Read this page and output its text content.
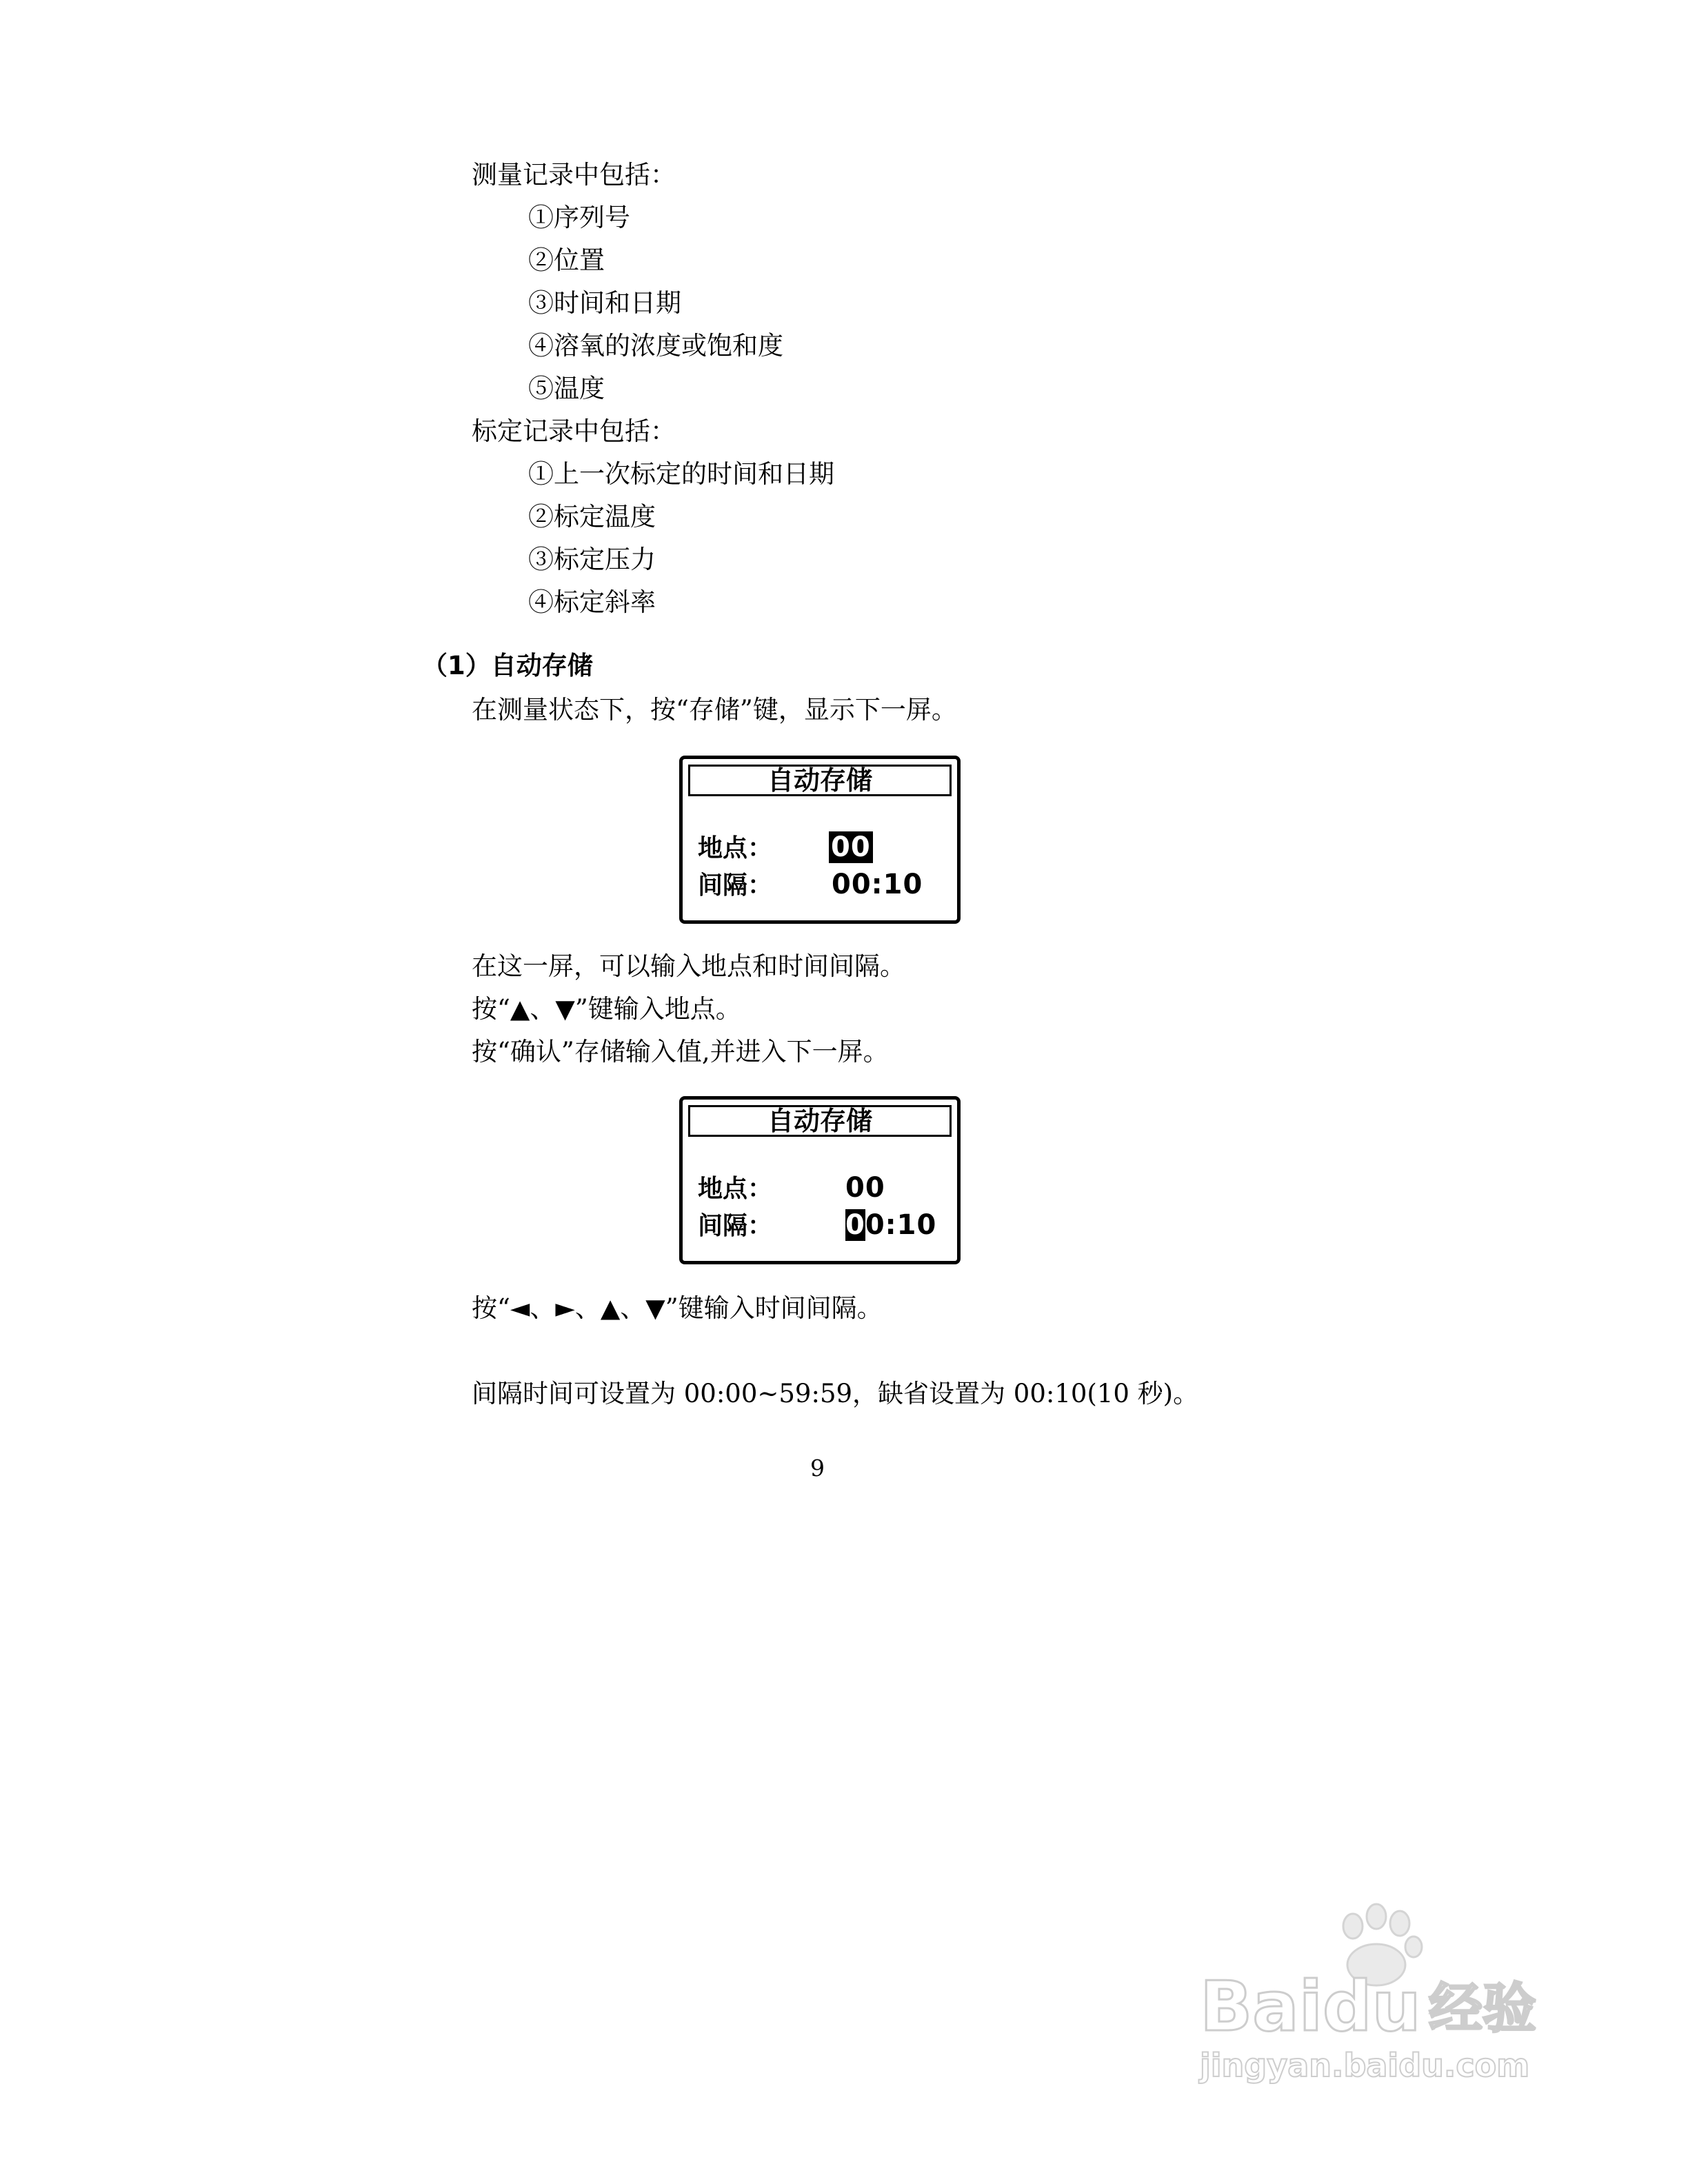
测量记录中包括：
①序列号
②位置
③时间和日期
④溶氧的浓度或饱和度
⑤温度
标定记录中包括：
①上一次标定的时间和日期
②标定温度
③标定压力
④标定斜率
（1）自动存储
在测量状态下，按“存储”键，显示下一屏。
自动存储
地点： 00
间隔： 00:10
在这一屏，可以输入地点和时间间隔。
按“▲、▼”键输入地点。
按“确认”存储输入值,并进入下一屏。
自动存储
地点：	00
间隔：	00:10
按“◄、►、▲、▼”键输入时间间隔。
间隔时间可设置为 00:00~59:59，缺省设置为 00:10(10 秒)。
9
Baidu 经验
jingyan.baidu.com
